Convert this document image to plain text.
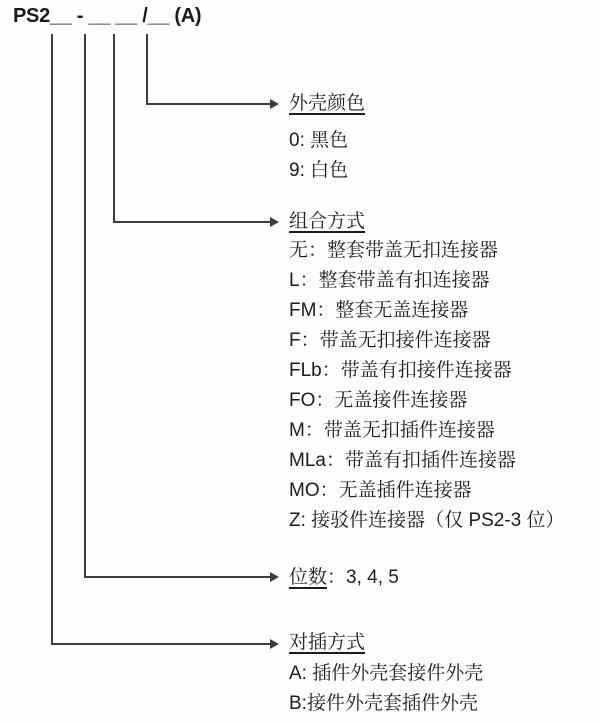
PS2__ - __ __ /__ (A)
外壳颜色
0: 黑色
9: 白色
组合方式
无：整套带盖无扣连接器
L：整套带盖有扣连接器
FM：整套无盖连接器
F：带盖无扣接件连接器
FLb：带盖有扣接件连接器
FO：无盖接件连接器
M：带盖无扣插件连接器
MLa：带盖有扣插件连接器
MO：无盖插件连接器
Z: 接驳件连接器（仅 PS2-3 位）
位数：3, 4, 5
对插方式
A: 插件外壳套接件外壳
B:接件外壳套插件外壳
